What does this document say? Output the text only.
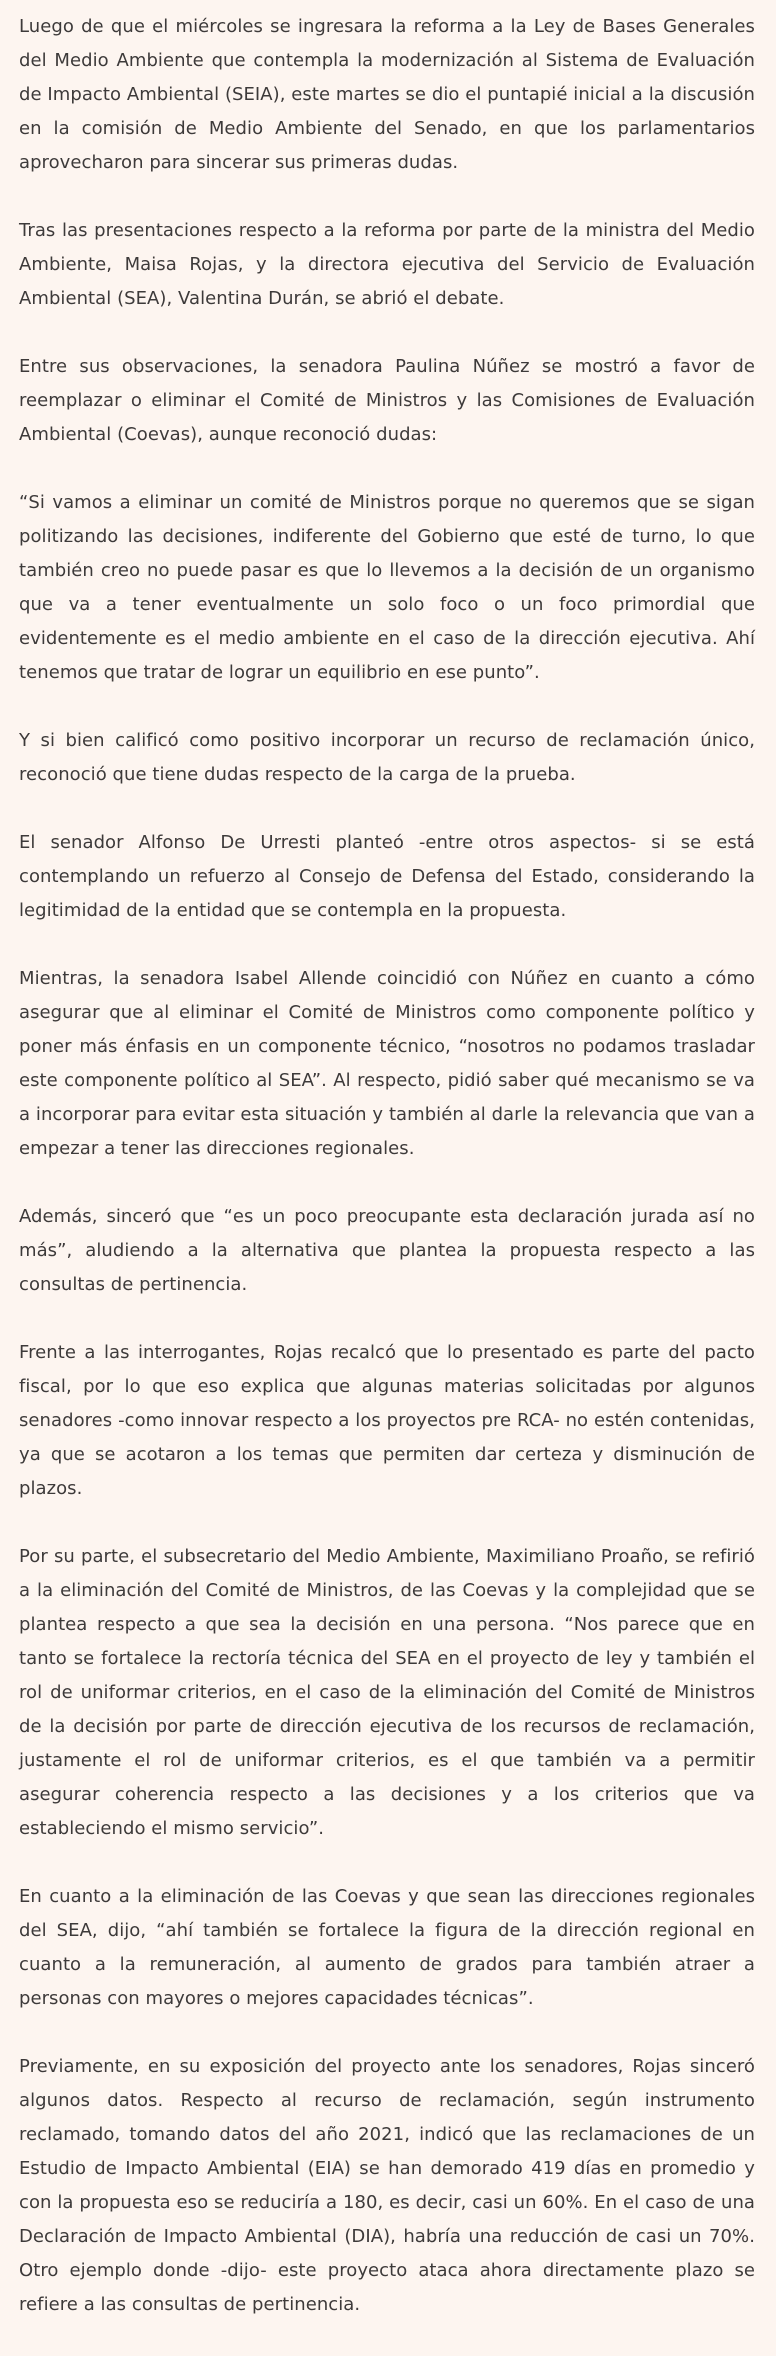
Luego de que el miércoles se ingresara la reforma a la Ley de Bases Generales del Medio Ambiente que contempla la modernización al Sistema de Evaluación de Impacto Ambiental (SEIA), este martes se dio el puntapié inicial a la discusión en la comisión de Medio Ambiente del Senado, en que los parlamentarios aprovecharon para sincerar sus primeras dudas.

Tras las presentaciones respecto a la reforma por parte de la ministra del Medio Ambiente, Maisa Rojas, y la directora ejecutiva del Servicio de Evaluación Ambiental (SEA), Valentina Durán, se abrió el debate.

Entre sus observaciones, la senadora Paulina Núñez se mostró a favor de reemplazar o eliminar el Comité de Ministros y las Comisiones de Evaluación Ambiental (Coevas), aunque reconoció dudas:

“Si vamos a eliminar un comité de Ministros porque no queremos que se sigan politizando las decisiones, indiferente del Gobierno que esté de turno, lo que también creo no puede pasar es que lo llevemos a la decisión de un organismo que va a tener eventualmente un solo foco o un foco primordial que evidentemente es el medio ambiente en el caso de la dirección ejecutiva. Ahí tenemos que tratar de lograr un equilibrio en ese punto”.

Y si bien calificó como positivo incorporar un recurso de reclamación único, reconoció que tiene dudas respecto de la carga de la prueba.

El senador Alfonso De Urresti planteó -entre otros aspectos- si se está contemplando un refuerzo al Consejo de Defensa del Estado, considerando la legitimidad de la entidad que se contempla en la propuesta.

Mientras, la senadora Isabel Allende coincidió con Núñez en cuanto a cómo asegurar que al eliminar el Comité de Ministros como componente político y poner más énfasis en un componente técnico, “nosotros no podamos trasladar este componente político al SEA”. Al respecto, pidió saber qué mecanismo se va a incorporar para evitar esta situación y también al darle la relevancia que van a empezar a tener las direcciones regionales.

Además, sinceró que “es un poco preocupante esta declaración jurada así no más”, aludiendo a la alternativa que plantea la propuesta respecto a las consultas de pertinencia.

Frente a las interrogantes, Rojas recalcó que lo presentado es parte del pacto fiscal, por lo que eso explica que algunas materias solicitadas por algunos senadores -como innovar respecto a los proyectos pre RCA- no estén contenidas, ya que se acotaron a los temas que permiten dar certeza y disminución de plazos.

Por su parte, el subsecretario del Medio Ambiente, Maximiliano Proaño, se refirió a la eliminación del Comité de Ministros, de las Coevas y la complejidad que se plantea respecto a que sea la decisión en una persona. “Nos parece que en tanto se fortalece la rectoría técnica del SEA en el proyecto de ley y también el rol de uniformar criterios, en el caso de la eliminación del Comité de Ministros de la decisión por parte de dirección ejecutiva de los recursos de reclamación, justamente el rol de uniformar criterios, es el que también va a permitir asegurar coherencia respecto a las decisiones y a los criterios que va estableciendo el mismo servicio”.

En cuanto a la eliminación de las Coevas y que sean las direcciones regionales del SEA, dijo, “ahí también se fortalece la figura de la dirección regional en cuanto a la remuneración, al aumento de grados para también atraer a personas con mayores o mejores capacidades técnicas”.

Previamente, en su exposición del proyecto ante los senadores, Rojas sinceró algunos datos. Respecto al recurso de reclamación, según instrumento reclamado, tomando datos del año 2021, indicó que las reclamaciones de un Estudio de Impacto Ambiental (EIA) se han demorado 419 días en promedio y con la propuesta eso se reduciría a 180, es decir, casi un 60%. En el caso de una Declaración de Impacto Ambiental (DIA), habría una reducción de casi un 70%. Otro ejemplo donde -dijo- este proyecto ataca ahora directamente plazo se refiere a las consultas de pertinencia.
